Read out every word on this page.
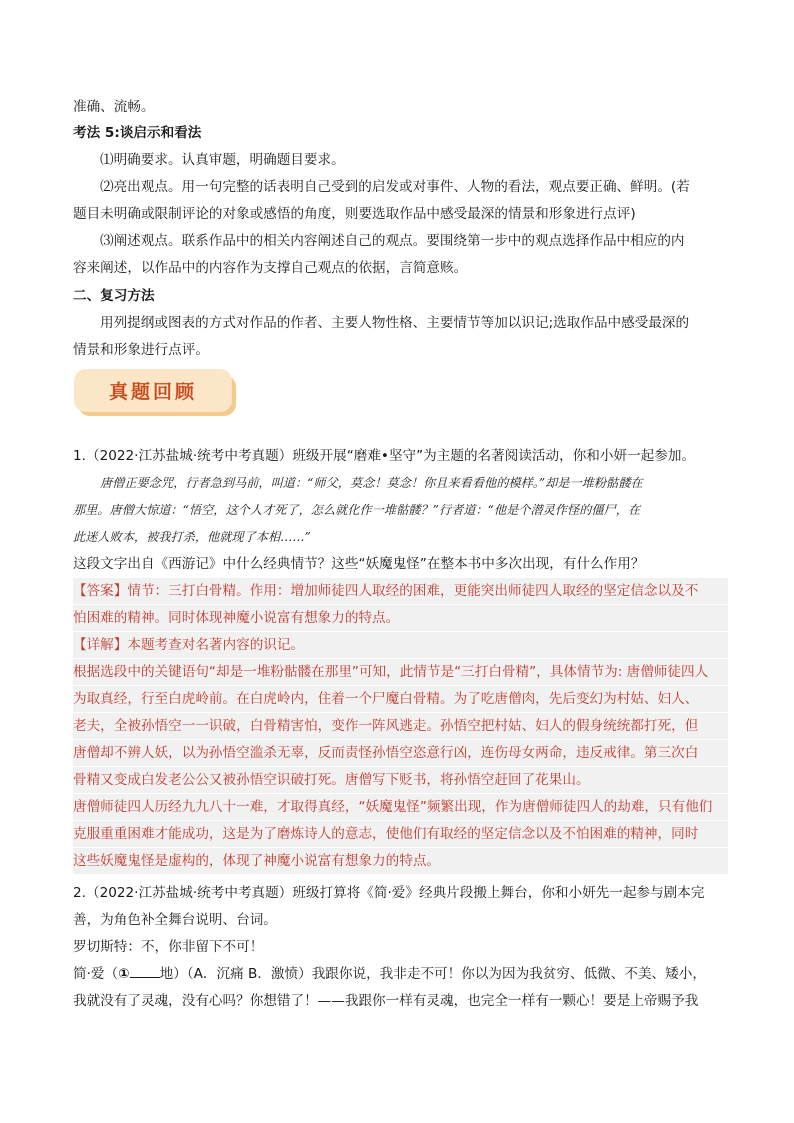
准确、流畅。
考法 5:谈启示和看法
⑴明确要求。认真审题，明确题目要求。
⑵亮出观点。用一句完整的话表明自己受到的启发或对事件、人物的看法，观点要正确、鲜明。(若
题目未明确或限制评论的对象或感悟的角度，则要选取作品中感受最深的情景和形象进行点评)
⑶阐述观点。联系作品中的相关内容阐述自己的观点。要围绕第一步中的观点选择作品中相应的内
容来阐述，以作品中的内容作为支撑自己观点的依据，言简意赅。
二、复习方法
用列提纲或图表的方式对作品的作者、主要人物性格、主要情节等加以识记;选取作品中感受最深的
情景和形象进行点评。
真题回顾
1.（2022·江苏盐城·统考中考真题）班级开展“磨难•坚守”为主题的名著阅读活动，你和小妍一起参加。
唐僧正要念咒，行者急到马前，叫道：“师父，莫念！莫念！你且来看看他的模样。”却是一堆粉骷髅在
那里。唐僧大惊道：“悟空，这个人才死了，怎么就化作一堆骷髅？”行者道：“他是个潜灵作怪的僵尸，在
此迷人败本，被我打杀，他就现了本相……”
这段文字出自《西游记》中什么经典情节？这些“妖魔鬼怪”在整本书中多次出现，有什么作用？
【答案】情节：三打白骨精。作用：增加师徒四人取经的困难，更能突出师徒四人取经的坚定信念以及不
怕困难的精神。同时体现神魔小说富有想象力的特点。
【详解】本题考查对名著内容的识记。
根据选段中的关键语句“却是一堆粉骷髅在那里”可知，此情节是“三打白骨精”，具体情节为: 唐僧师徒四人
为取真经，行至白虎岭前。在白虎岭内，住着一个尸魔白骨精。为了吃唐僧肉，先后变幻为村姑、妇人、
老夫，全被孙悟空一一识破，白骨精害怕，变作一阵风逃走。孙悟空把村姑、妇人的假身统统都打死，但
唐僧却不辨人妖，以为孙悟空滥杀无辜，反而责怪孙悟空恣意行凶，连伤母女两命，违反戒律。第三次白
骨精又变成白发老公公又被孙悟空识破打死。唐僧写下贬书，将孙悟空赶回了花果山。
唐僧师徒四人历经九九八十一难，才取得真经，“妖魔鬼怪”频繁出现，作为唐僧师徒四人的劫难，只有他们
克服重重困难才能成功，这是为了磨炼诗人的意志，使他们有取经的坚定信念以及不怕困难的精神，同时
这些妖魔鬼怪是虚构的，体现了神魔小说富有想象力的特点。
2.（2022·江苏盐城·统考中考真题）班级打算将《简·爱》经典片段搬上舞台，你和小妍先一起参与剧本完
善，为角色补全舞台说明、台词。
罗切斯特：不，你非留下不可！
简·爱（① 地）（A．沉痛 B．激愤）我跟你说，我非走不可！你以为因为我贫穷、低微、不美、矮小，
我就没有了灵魂，没有心吗？你想错了！——我跟你一样有灵魂，也完全一样有一颗心！要是上帝赐予我
